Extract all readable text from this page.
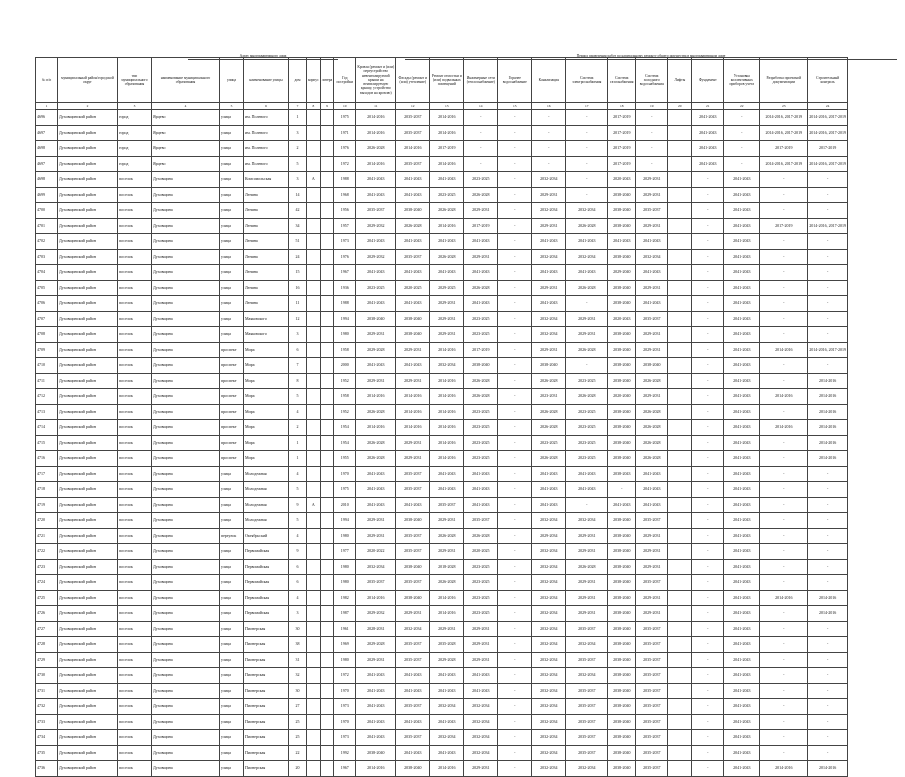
Адрес многоквартирного дома	Период проведения работ по капитальному ремонту общего имущества в многоквартирном доме
№ п/п	муниципальный район/городской округ	тип муниципального образования	наименование муниципального образования	улица	наименование улицы	дом	корпус	литера	Год постройки	Кровля (ремонт и (или) переустройство невентилируемой крыши на вентилируемую крышу, устройство выходов на кровлю)	Фасады (ремонт и (или) утепление)	Ремонт отмостки и (или) подвальных помещений	Инженерные сети (теплоснабжение)	Горячее водоснабжение	Канализация	Система электроснабжения	Система газоснабжения	Система холодного водоснабжения	Лифты	Фундамент	Установка коллективных приборов учета	Разработка проектной документации	Строительный контроль
1	2	3	4	5	6	7	8	9	10	11	12	13	14	15	16	17	18	19	20	21	22	23	24
4696	Духовщинский район	город	Ярцево	улица	им. Полевого	1			1975	2014-2016	2035-2037	2014-2016	-	-	-	-	2017-2019	-		2041-2043	-	2014-2016, 2017-2019	2014-2016, 2017-2019
4697	Духовщинский район	город	Ярцево	улица	им. Полевого	3			1971	2014-2016	2035-2037	2014-2016	-	-	-	-	2017-2019	-		2041-2043	-	2014-2016, 2017-2019	2014-2016, 2017-2019
4698	Духовщинский район	город	Ярцево	улица	им. Полевого	2			1976	2026-2028	2014-2016	2017-2019	-	-	-	-	2017-2019	-		2041-2043	-	2017-2019	2017-2019
4697	Духовщинский район	город	Ярцево	улица	им. Полевого	5			1972	2014-2016	2035-2037	2014-2016	-	-	-	-	2017-2019	-		2041-2043	-	2014-2016, 2017-2019	2014-2016, 2017-2019
4698	Духовщинский район	поселок	Духовщина	улица	Комсомольская	3	А		1988	2041-2043	2041-2043	2041-2043	2023-2025	-	2032-2034	-	2020-2043	2029-2031		-	2041-2043	-	-
4699	Духовщинский район	поселок	Духовщина	улица	Ленина	14			1968	2041-2043	2041-2043	2023-2025	2026-2028	-	2029-2031	-	2038-2040	2029-2031		-	2041-2043	-	-
4700	Духовщинский район	поселок	Духовщина	улица	Ленина	42			1956	2035-2037	2038-2040	2026-2028	2029-2031	-	2032-2034	2032-2034	2038-2040	2035-2037		-	2041-2043	-	-
4701	Духовщинский район	поселок	Духовщина	улица	Ленина	34			1957	2029-2032	2026-2028	2014-2016	2017-2019	-	2029-2031	2026-2028	2038-2040	2029-2031		-	2041-2043	2017-2019	2014-2016, 2017-2019
4702	Духовщинский район	поселок	Духовщина	улица	Ленина	51			1973	2041-2043	2041-2043	2041-2043	2041-2043	-	2041-2043	2041-2043	2041-2043	2041-2043		-	2041-2043	-	-
4703	Духовщинский район	поселок	Духовщина	улица	Ленина	24			1976	2029-2032	2035-2037	2026-2028	2029-2031	-	2032-2034	2032-2034	2038-2040	2032-2034		-	2041-2043	-	-
4704	Духовщинский район	поселок	Духовщина	улица	Ленина	15			1967	2041-2043	2041-2043	2041-2043	2041-2043	-	2041-2043	2041-2043	2029-2040	2041-2043		-	2041-2043	-	-
4705	Духовщинский район	поселок	Духовщина	улица	Ленина	16			1936	2023-2025	2020-2025	2029-2025	2026-2028	-	2029-2031	2026-2028	2038-2040	2029-2031		-	2041-2043	-	-
4706	Духовщинский район	поселок	Духовщина	улица	Ленина	11			1988	2041-2043	2041-2043	2029-2031	2041-2043	-	2041-2043	-	2038-2040	2041-2043		-	2041-2043	-	-
4707	Духовщинский район	поселок	Духовщина	улица	Маяковского	12			1994	2038-2040	2038-2040	2029-2031	2023-2025	-	2032-2034	2029-2031	2020-2043	2035-2037		-	2041-2043	-	-
4708	Духовщинский район	поселок	Духовщина	улица	Маяковского	3			1980	2029-2031	2038-2040	2029-2031	2023-2025	-	2032-2034	2029-2031	2038-2040	2029-2031		-	2041-2043	-	-
4709	Духовщинский район	поселок	Духовщина	проспект	Мира	6			1958	2029-2028	2029-2031	2014-2016	2017-2019	-	2029-2031	2026-2028	2038-2040	2029-2031		-	2041-2043	2014-2016	2014-2016, 2017-2019
4710	Духовщинский район	поселок	Духовщина	проспект	Мира	7			2000	2041-2043	2041-2043	2032-2034	2038-2040	-	2038-2040	-	2038-2040	2038-2040		-	2041-2043	-	-
4711	Духовщинский район	поселок	Духовщина	проспект	Мира	8			1952	2029-2031	2029-2031	2014-2016	2026-2028	-	2026-2028	2023-2025	2038-2040	2026-2028		-	2041-2043	-	2014-2016
4712	Духовщинский район	поселок	Духовщина	проспект	Мира	5			1958	2014-2016	2014-2016	2014-2016	2026-2028	-	2023-2031	2026-2028	2020-2040	2029-2031		-	2041-2043	2014-2016	2014-2016
4713	Духовщинский район	поселок	Духовщина	проспект	Мира	4			1952	2026-2028	2014-2016	2014-2016	2023-2025	-	2026-2028	2023-2025	2038-2040	2026-2028		-	2041-2043	-	2014-2016
4714	Духовщинский район	поселок	Духовщина	проспект	Мира	2			1954	2014-2016	2014-2016	2014-2016	2023-2025	-	2026-2028	2023-2025	2038-2040	2026-2028		-	2041-2043	2014-2016	2014-2016
4715	Духовщинский район	поселок	Духовщина	проспект	Мира	1			1954	2026-2028	2029-2031	2014-2016	2023-2025	-	2023-2025	2023-2025	2038-2040	2026-2028		-	2041-2043	-	2014-2016
4716	Духовщинский район	поселок	Духовщина	проспект	Мира	1			1955	2026-2028	2029-2031	2014-2016	2023-2025	-	2026-2028	2023-2025	2038-2040	2026-2028		-	2041-2043	-	2014-2016
4717	Духовщинский район	поселок	Духовщина	улица	Молодежная	4			1970	2041-2043	2035-2037	2041-2043	2041-2043	-	2041-2043	2041-2043	2038-2043	2041-2043		-	2041-2043	-	-
4718	Духовщинский район	поселок	Духовщина	улица	Молодежная	5			1975	2041-2043	2035-2037	2041-2043	2041-2043	-	2041-2043	2041-2043	-	2041-2043		-	2041-2043	-	-
4719	Духовщинский район	поселок	Духовщина	улица	Молодежная	9	А		2010	2041-2043	2041-2043	2035-2037	2041-2043	-	2041-2043	-	2041-2043	2041-2043		-	2041-2043	-	-
4720	Духовщинский район	поселок	Духовщина	улица	Молодежная	5			1994	2029-2031	2038-2040	2029-2031	2035-2037	-	2032-2034	2032-2034	2038-2040	2035-2037		-	2041-2043	-	-
4721	Духовщинский район	поселок	Духовщина	переулок	Октябрьский	4			1980	2029-2031	2035-2037	2026-2028	2026-2028	-	2029-2034	2029-2031	2038-2040	2029-2031		-	2041-2043	-	-
4722	Духовщинский район	поселок	Духовщина	улица	Первомайская	9			1977	2020-2022	2035-2037	2029-2031	2020-2025	-	2032-2034	2029-2031	2038-2040	2029-2031		-	2041-2043	-	-
4723	Духовщинский район	поселок	Духовщина	улица	Первомайская	6			1980	2032-2034	2038-2040	2018-2028	2023-2025	-	2032-2034	2026-2028	2038-2040	2029-2031		-	2041-2043	-	-
4724	Духовщинский район	поселок	Духовщина	улица	Первомайская	6			1980	2035-2037	2035-2037	2026-2028	2023-2025	-	2032-2034	2029-2031	2038-2040	2035-2037		-	2041-2043	-	-
4725	Духовщинский район	поселок	Духовщина	улица	Первомайская	4			1982	2014-2016	2038-2040	2014-2016	2023-2025	-	2032-2034	2029-2031	2038-2040	2029-2031		-	2041-2043	2014-2016	2014-2016
4726	Духовщинский район	поселок	Духовщина	улица	Первомайская	3			1987	2029-2032	2029-2031	2014-2016	2023-2025	-	2032-2034	2029-2031	2038-2040	2029-2031		-	2041-2043	-	2014-2016
4727	Духовщинский район	поселок	Духовщина	улица	Пионерская	30			1961	2028-2031	2032-2034	2029-2031	2029-2031	-	2032-2034	2035-2037	2038-2040	2035-2037		-	2041-2043	-	-
4728	Духовщинский район	поселок	Духовщина	улица	Пионерская	38			1969	2029-2028	2035-2037	2035-2028	2029-2031	-	2032-2034	2032-2034	2038-2040	2035-2037		-	2041-2043	-	-
4729	Духовщинский район	поселок	Духовщина	улица	Пионерская	31			1980	2029-2031	2035-2037	2029-2028	2029-2031	-	2032-2034	2035-2037	2038-2040	2035-2037		-	2041-2043	-	-
4730	Духовщинский район	поселок	Духовщина	улица	Пионерская	32			1972	2041-2043	2041-2043	2041-2043	2041-2043	-	2032-2034	2032-2034	2038-2040	2035-2037		-	2041-2043	-	-
4731	Духовщинский район	поселок	Духовщина	улица	Пионерская	30			1970	2041-2043	2041-2043	2041-2043	2041-2043	-	2032-2034	2035-2037	2038-2040	2035-2037		-	2041-2043	-	-
4732	Духовщинский район	поселок	Духовщина	улица	Пионерская	27			1973	2041-2043	2035-2037	2032-2034	2032-2034	-	2032-2034	2035-2037	2038-2040	2035-2037		-	2041-2043	-	-
4733	Духовщинский район	поселок	Духовщина	улица	Пионерская	25			1970	2041-2043	2041-2043	2041-2043	2032-2034	-	2032-2034	2035-2037	2038-2040	2035-2037		-	2041-2043	-	-
4734	Духовщинский район	поселок	Духовщина	улица	Пионерская	25			1973	2041-2043	2035-2037	2032-2034	2032-2034	-	2032-2034	2035-2037	2038-2040	2035-2037		-	2041-2043	-	-
4735	Духовщинский район	поселок	Духовщина	улица	Пионерская	22			1992	2038-2040	2041-2043	2041-2043	2032-2034	-	2032-2034	2035-2037	2038-2040	2035-2037		-	2041-2043	-	-
4736	Духовщинский район	поселок	Духовщина	улица	Пионерская	20			1967	2014-2016	2038-2040	2014-2016	2029-2031	-	2032-2034	2032-2034	2038-2040	2035-2037		-	2041-2043	2014-2016	2014-2016
